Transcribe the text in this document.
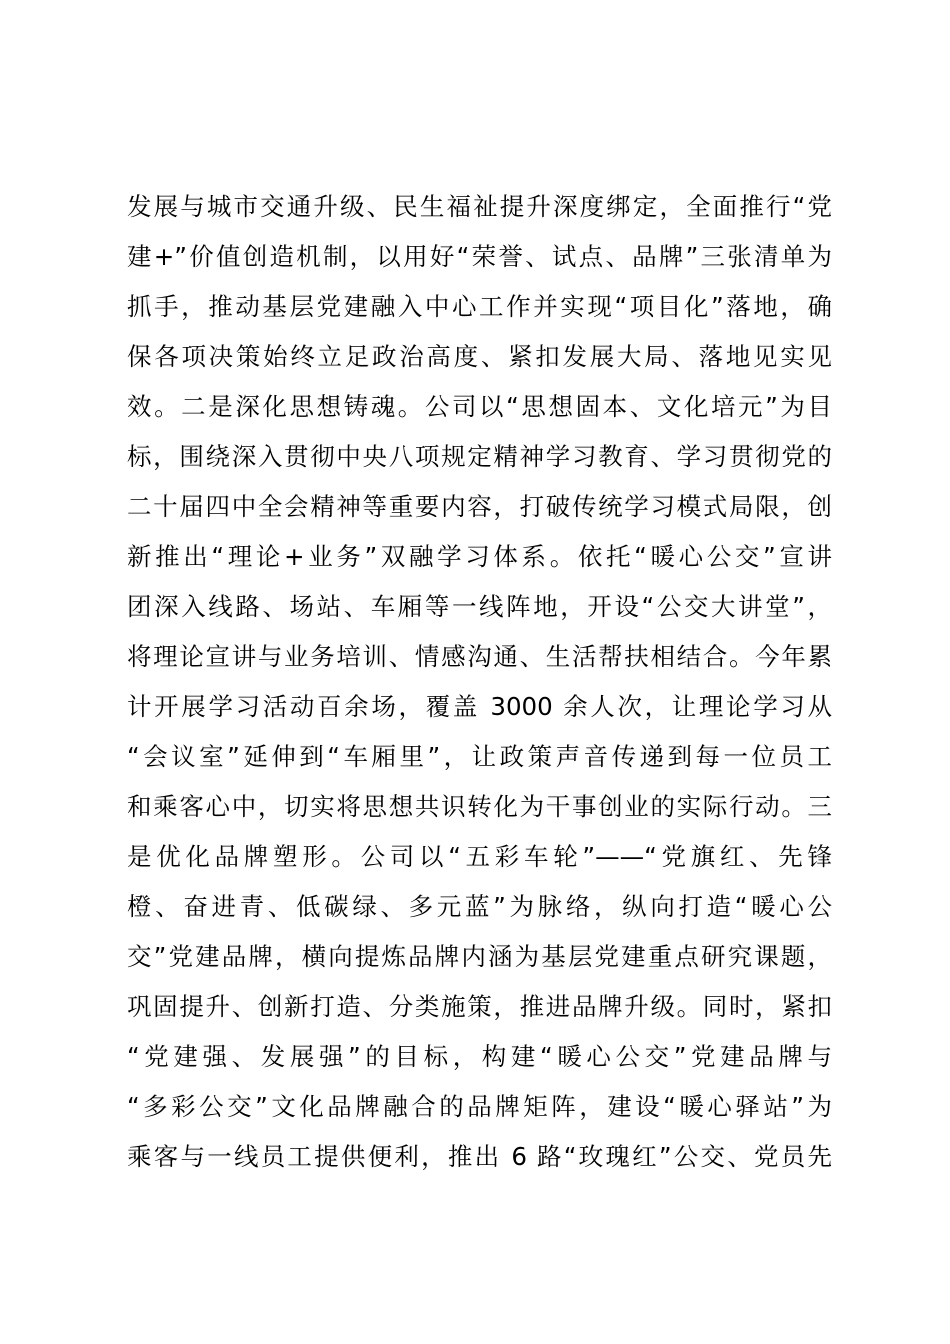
发展与城市交通升级、民生福祉提升深度绑定，全面推行“党
建+”价值创造机制，以用好“荣誉、试点、品牌”三张清单为
抓手，推动基层党建融入中心工作并实现“项目化”落地，确
保各项决策始终立足政治高度、紧扣发展大局、落地见实见
效。二是深化思想铸魂。公司以“思想固本、文化培元”为目
标，围绕深入贯彻中央八项规定精神学习教育、学习贯彻党的
二十届四中全会精神等重要内容，打破传统学习模式局限，创
新推出“理论+业务”双融学习体系。依托“暖心公交”宣讲
团深入线路、场站、车厢等一线阵地，开设“公交大讲堂”，
将理论宣讲与业务培训、情感沟通、生活帮扶相结合。今年累
计开展学习活动百余场，覆盖 3000 余人次，让理论学习从
“会议室”延伸到“车厢里”，让政策声音传递到每一位员工
和乘客心中，切实将思想共识转化为干事创业的实际行动。三
是优化品牌塑形。公司以“五彩车轮”——“党旗红、先锋
橙、奋进青、低碳绿、多元蓝”为脉络，纵向打造“暖心公
交”党建品牌，横向提炼品牌内涵为基层党建重点研究课题，
巩固提升、创新打造、分类施策，推进品牌升级。同时，紧扣
“党建强、发展强”的目标，构建“暖心公交”党建品牌与
“多彩公交”文化品牌融合的品牌矩阵，建设“暖心驿站”为
乘客与一线员工提供便利，推出 6 路“玫瑰红”公交、党员先
